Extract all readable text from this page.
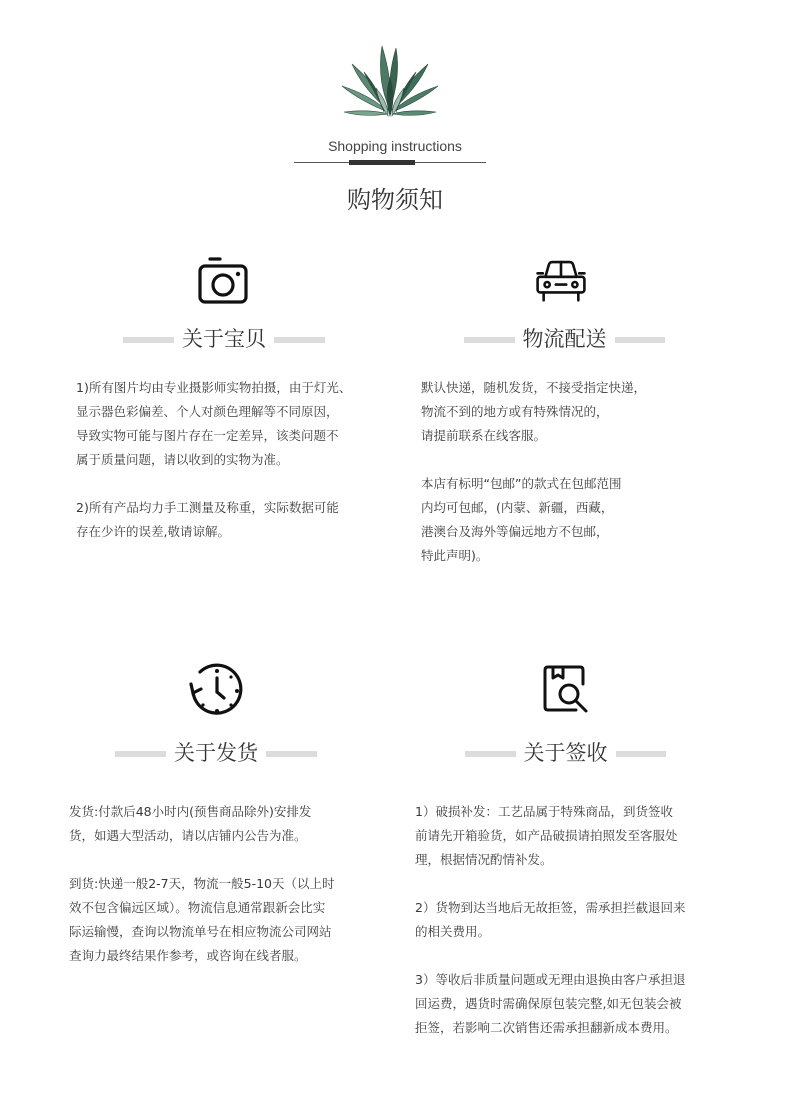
Shopping instructions
购物须知
关于宝贝

1)所有图片均由专业摄影师实物拍摄，由于灯光、
显示器色彩偏差、个人对颜色理解等不同原因，
导致实物可能与图片存在一定差异，该类问题不
属于质量问题，请以收到的实物为准。

2)所有产品均力手工测量及称重，实际数据可能
存在少许的误差,敬请谅解。

物流配送

默认快递，随机发货，不接受指定快递，
物流不到的地方或有特殊情况的，
请提前联系在线客服。

本店有标明“包邮”的款式在包邮范围
内均可包邮，(内蒙、新疆，西藏，
港澳台及海外等偏远地方不包邮，
特此声明)。

关于发货

发货:付款后48小时内(预售商品除外)安排发
货，如遇大型活动，请以店铺内公告为准。

到货:快递一般2-7天，物流一般5-10天（以上时
效不包含偏远区域）。物流信息通常跟新会比实
际运输慢，查询以物流单号在相应物流公司网站
查询力最终结果作参考，或咨询在线者服。

关于签收

1）破损补发：工艺品属于特殊商品，到货签收
前请先开箱验货，如产品破损请拍照发至客服处
理，根据情况酌情补发。

2）货物到达当地后无故拒签，需承担拦截退回来
的相关费用。

3）等收后非质量问题或无理由退换由客户承担退
回运费，遇货时需确保原包装完整,如无包装会被
拒签，若影响二次销售还需承担翻新成本费用。
